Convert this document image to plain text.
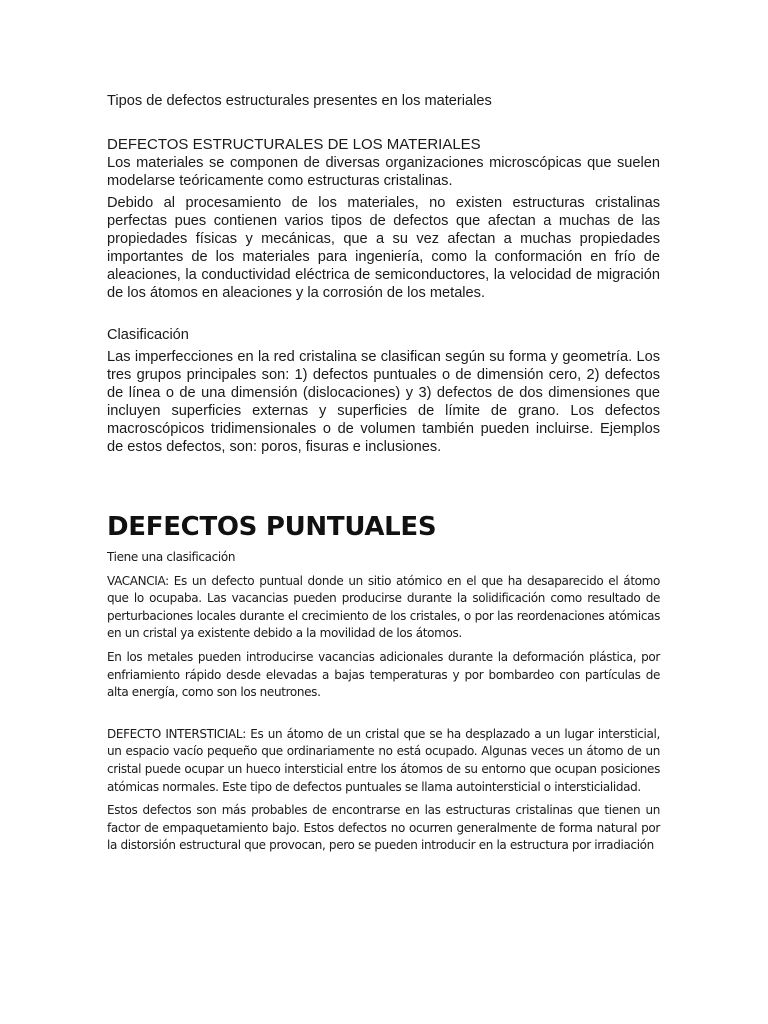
Tipos de defectos estructurales presentes en los materiales

DEFECTOS ESTRUCTURALES DE LOS MATERIALES

Los materiales se componen de diversas organizaciones microscópicas que suelen modelarse teóricamente como estructuras cristalinas.

Debido al procesamiento de los materiales, no existen estructuras cristalinas perfectas pues contienen varios tipos de defectos que afectan a muchas de las propiedades físicas y mecánicas, que a su vez afectan a muchas propiedades importantes de los materiales para ingeniería, como la conformación en frío de aleaciones, la conductividad eléctrica de semiconductores, la velocidad de migración de los átomos en aleaciones y la corrosión de los metales.

Clasificación

Las imperfecciones en la red cristalina se clasifican según su forma y geometría. Los tres grupos principales son: 1) defectos puntuales o de dimensión cero, 2) defectos de línea o de una dimensión (dislocaciones) y 3) defectos de dos dimensiones que incluyen superficies externas y superficies de límite de grano. Los defectos macroscópicos tridimensionales o de volumen también pueden incluirse. Ejemplos de estos defectos, son: poros, fisuras e inclusiones.

DEFECTOS PUNTUALES

Tiene una clasificación

VACANCIA: Es un defecto puntual donde un sitio atómico en el que ha desaparecido el átomo que lo ocupaba. Las vacancias pueden producirse durante la solidificación como resultado de perturbaciones locales durante el crecimiento de los cristales, o por las reordenaciones atómicas en un cristal ya existente debido a la movilidad de los átomos.

En los metales pueden introducirse vacancias adicionales durante la deformación plástica, por enfriamiento rápido desde elevadas a bajas temperaturas y por bombardeo con partículas de alta energía, como son los neutrones.

DEFECTO INTERSTICIAL: Es un átomo de un cristal que se ha desplazado a un lugar intersticial, un espacio vacío pequeño que ordinariamente no está ocupado. Algunas veces un átomo de un cristal puede ocupar un hueco intersticial entre los átomos de su entorno que ocupan posiciones atómicas normales. Este tipo de defectos puntuales se llama autointersticial o intersticialidad.

Estos defectos son más probables de encontrarse en las estructuras cristalinas que tienen un factor de empaquetamiento bajo. Estos defectos no ocurren generalmente de forma natural por la distorsión estructural que provocan, pero se pueden introducir en la estructura por irradiación
